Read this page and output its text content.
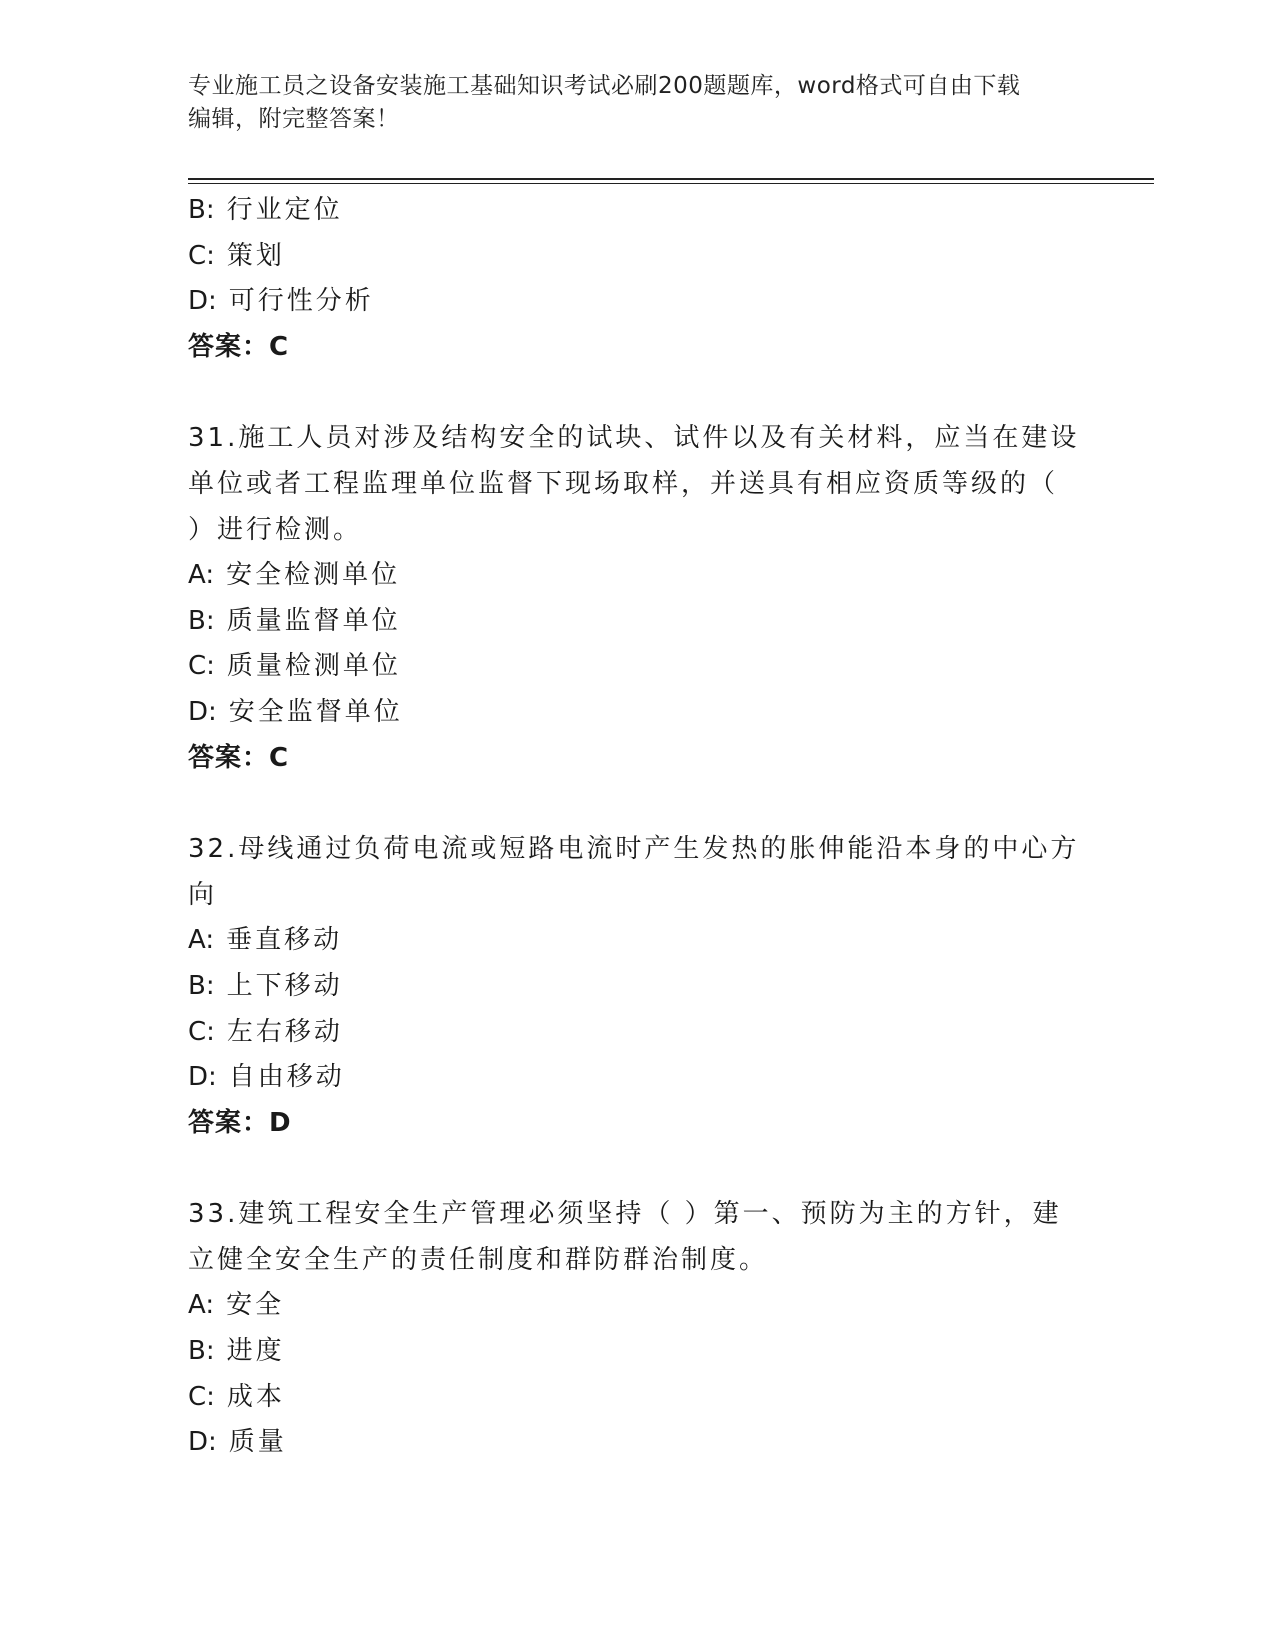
专业施工员之设备安装施工基础知识考试必刷200题题库，word格式可自由下载
编辑，附完整答案！
B: 行业定位
C: 策划
D: 可行性分析
答案：C
31.施工人员对涉及结构安全的试块、试件以及有关材料，应当在建设
单位或者工程监理单位监督下现场取样，并送具有相应资质等级的（
）进行检测。
A: 安全检测单位
B: 质量监督单位
C: 质量检测单位
D: 安全监督单位
答案：C
32.母线通过负荷电流或短路电流时产生发热的胀伸能沿本身的中心方
向
A: 垂直移动
B: 上下移动
C: 左右移动
D: 自由移动
答案：D
33.建筑工程安全生产管理必须坚持（ ）第一、预防为主的方针，建
立健全安全生产的责任制度和群防群治制度。
A: 安全
B: 进度
C: 成本
D: 质量
